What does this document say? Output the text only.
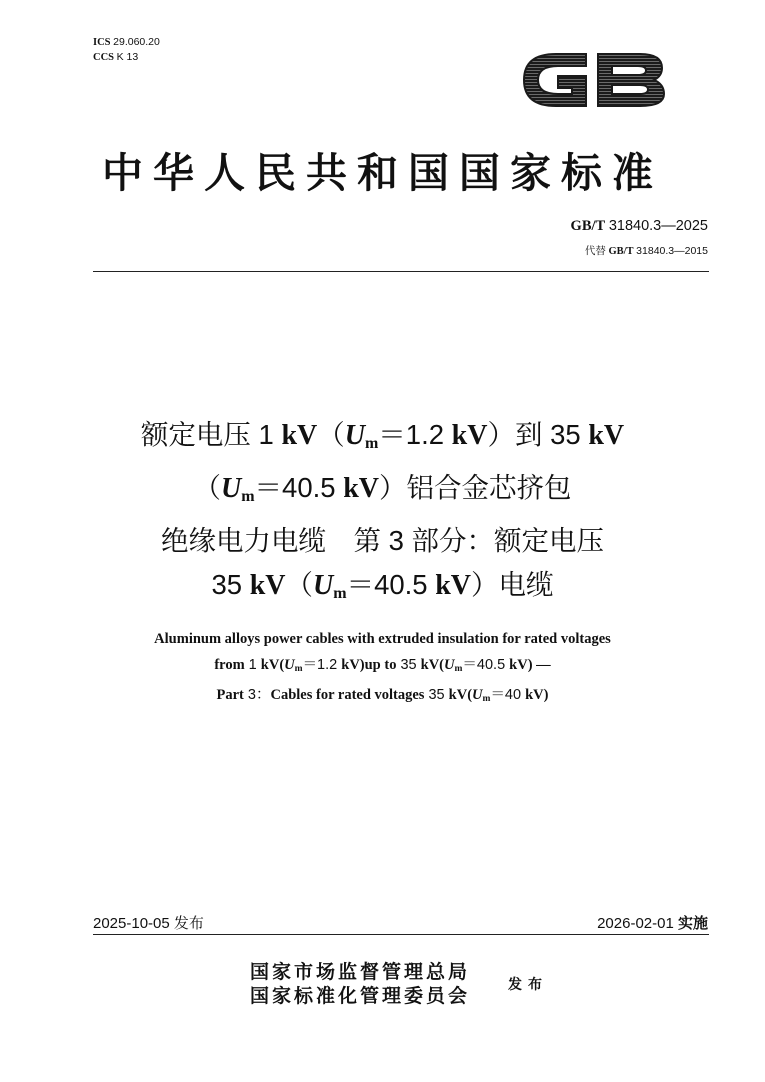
ICS 29.060.20
CCS K 13
中华人民共和国国家标准
GB/T 31840.3—2025
代替 GB/T 31840.3—2015
额定电压 1 $kV(U_m=1.2$ kV）到 35 kV
（$U_m=40.5$ kV）铝合金芯挤包
绝缘电力电缆　第 3 部分：额定电压
35 $kV(U_m=40.5$ kV）电缆
Aluminum alloys power cables with extruded insulation for rated voltages
from 1 $kV(U_m=1.2$ kV)up to 35 $kV(U_m=40.5$ kV) —
Part 3：Cables for rated voltages 35 $kV(U_m=40$ kV)
2025-10-05 发布	2026-02-01 实施
国家市场监督管理总局
国家标准化管理委员会	发布
